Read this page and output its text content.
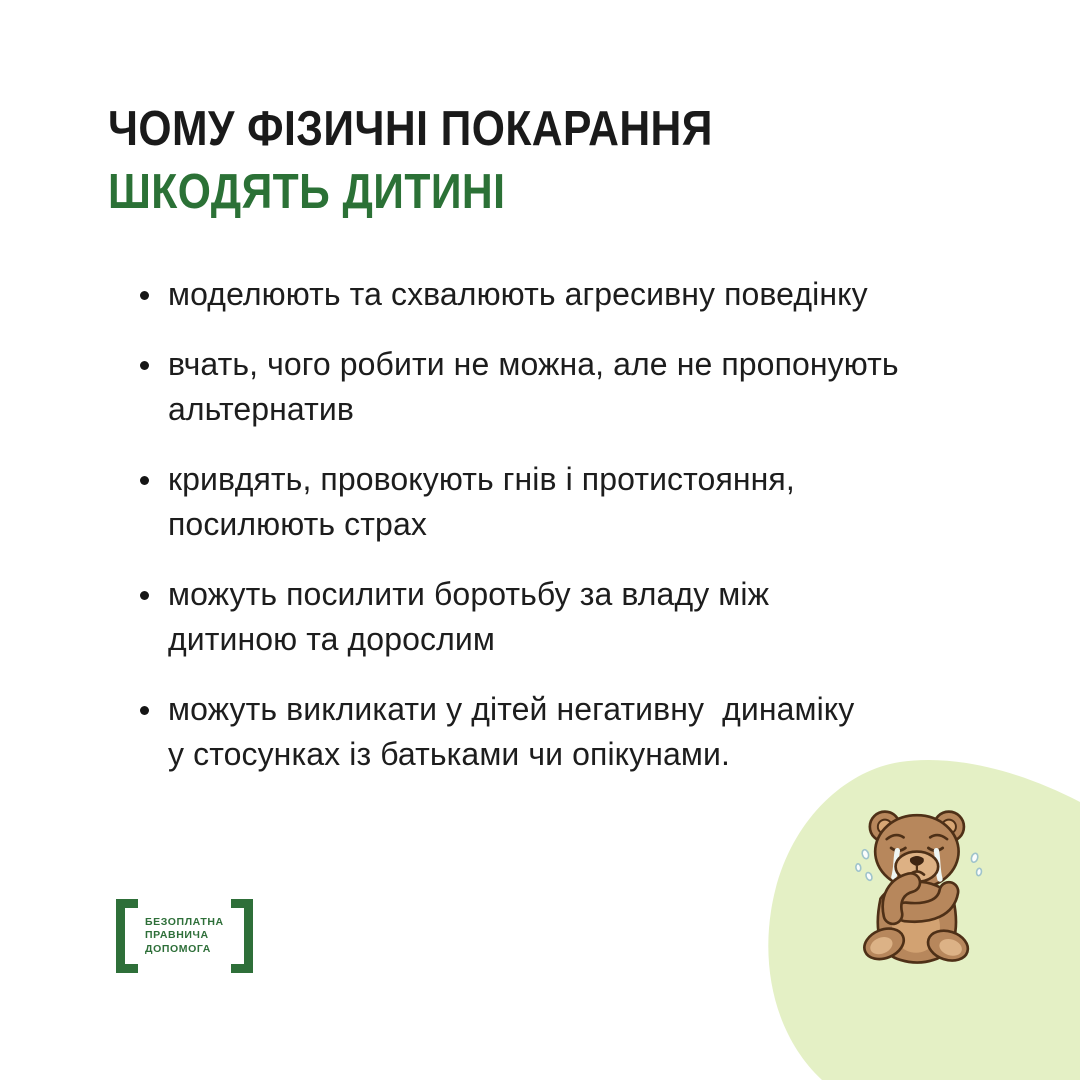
ЧОМУ ФІЗИЧНІ ПОКАРАННЯ
ШКОДЯТЬ ДИТИНІ

моделюють та схвалюють агресивну поведінку

вчать, чого робити не можна, але не пропонують
альтернатив

кривдять, провокують гнів і протистояння,
посилюють страх

можуть посилити боротьбу за владу між
дитиною та дорослим

можуть викликати у дітей негативну  динаміку
у стосунках із батьками чи опікунами.

БЕЗОПЛАТНА
ПРАВНИЧА
ДОПОМОГА
